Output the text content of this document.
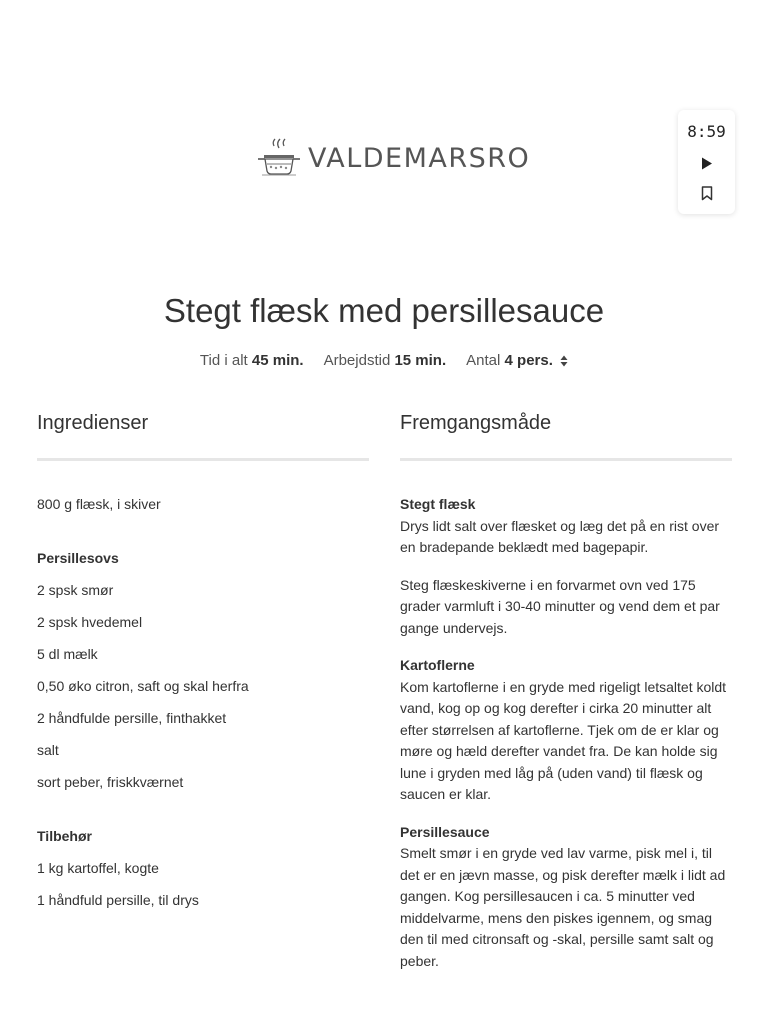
VALDEMARSRO
8:59
Stegt flæsk med persillesauce
Tid i alt 45 min. Arbejdstid 15 min. Antal 4 pers.
Ingredienser
800 g flæsk, i skiver
Persillesovs
2 spsk smør
2 spsk hvedemel
5 dl mælk
0,50 øko citron, saft og skal herfra
2 håndfulde persille, finthakket
salt
sort peber, friskkværnet
Tilbehør
1 kg kartoffel, kogte
1 håndfuld persille, til drys
Fremgangsmåde
Stegt flæsk
Drys lidt salt over flæsket og læg det på en rist over en bradepande beklædt med bagepapir.
Steg flæskeskiverne i en forvarmet ovn ved 175 grader varmluft i 30-40 minutter og vend dem et par gange undervejs.
Kartoflerne
Kom kartoflerne i en gryde med rigeligt letsaltet koldt vand, kog op og kog derefter i cirka 20 minutter alt efter størrelsen af kartoflerne. Tjek om de er klar og møre og hæld derefter vandet fra. De kan holde sig lune i gryden med låg på (uden vand) til flæsk og saucen er klar.
Persillesauce
Smelt smør i en gryde ved lav varme, pisk mel i, til det er en jævn masse, og pisk derefter mælk i lidt ad gangen. Kog persillesaucen i ca. 5 minutter ved middelvarme, mens den piskes igennem, og smag den til med citronsaft og -skal, persille samt salt og peber.
